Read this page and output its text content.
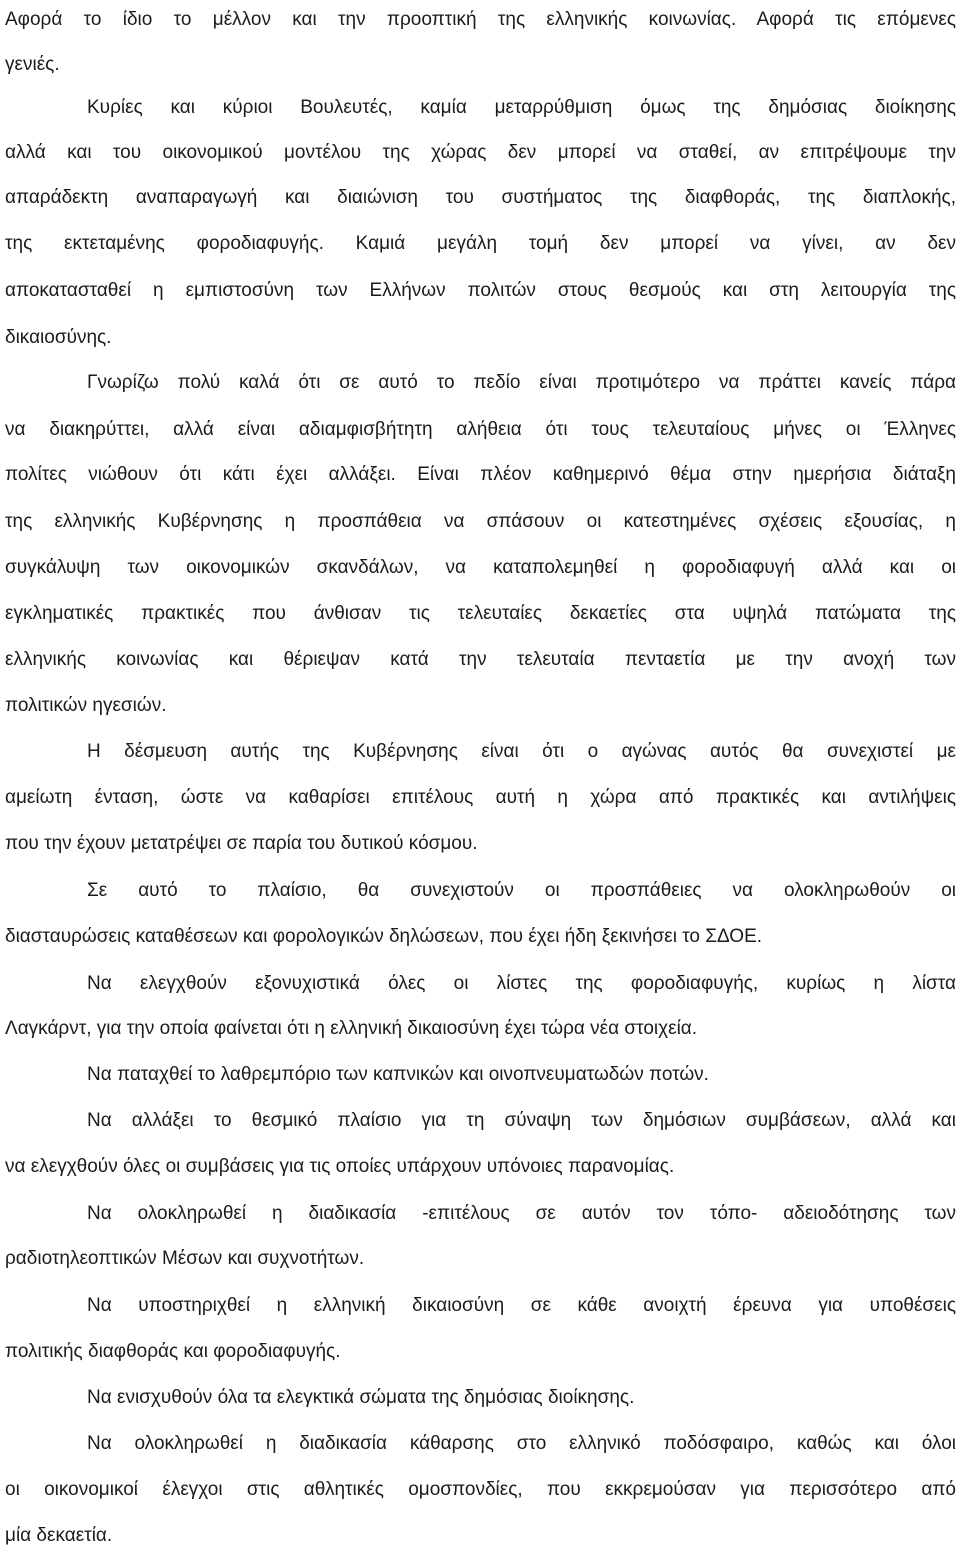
Αφορά το ίδιο το μέλλον και την προοπτική της ελληνικής κοινωνίας. Αφορά τις επόμενες
γενιές.
Κυρίες και κύριοι Βουλευτές, καμία μεταρρύθμιση όμως της δημόσιας διοίκησης
αλλά και του οικονομικού μοντέλου της χώρας δεν μπορεί να σταθεί, αν επιτρέψουμε την
απαράδεκτη αναπαραγωγή και διαιώνιση του συστήματος της διαφθοράς, της διαπλοκής,
της εκτεταμένης φοροδιαφυγής. Καμιά μεγάλη τομή δεν μπορεί να γίνει, αν δεν
αποκατασταθεί η εμπιστοσύνη των Ελλήνων πολιτών στους θεσμούς και στη λειτουργία της
δικαιοσύνης.
Γνωρίζω πολύ καλά ότι σε αυτό το πεδίο είναι προτιμότερο να πράττει κανείς πάρα
να διακηρύττει, αλλά είναι αδιαμφισβήτητη αλήθεια ότι τους τελευταίους μήνες οι Έλληνες
πολίτες νιώθουν ότι κάτι έχει αλλάξει. Είναι πλέον καθημερινό θέμα στην ημερήσια διάταξη
της ελληνικής Κυβέρνησης η προσπάθεια να σπάσουν οι κατεστημένες σχέσεις εξουσίας, η
συγκάλυψη των οικονομικών σκανδάλων, να καταπολεμηθεί η φοροδιαφυγή αλλά και οι
εγκληματικές πρακτικές που άνθισαν τις τελευταίες δεκαετίες στα υψηλά πατώματα της
ελληνικής κοινωνίας και θέριεψαν κατά την τελευταία πενταετία με την ανοχή των
πολιτικών ηγεσιών.
Η δέσμευση αυτής της Κυβέρνησης είναι ότι ο αγώνας αυτός θα συνεχιστεί με
αμείωτη ένταση, ώστε να καθαρίσει επιτέλους αυτή η χώρα από πρακτικές και αντιλήψεις
που την έχουν μετατρέψει σε παρία του δυτικού κόσμου.
Σε αυτό το πλαίσιο, θα συνεχιστούν οι προσπάθειες να ολοκληρωθούν οι
διασταυρώσεις καταθέσεων και φορολογικών δηλώσεων, που έχει ήδη ξεκινήσει το ΣΔΟΕ.
Να ελεγχθούν εξονυχιστικά όλες οι λίστες της φοροδιαφυγής, κυρίως η λίστα
Λαγκάρντ, για την οποία φαίνεται ότι η ελληνική δικαιοσύνη έχει τώρα νέα στοιχεία.
Να παταχθεί το λαθρεμπόριο των καπνικών και οινοπνευματωδών ποτών.
Να αλλάξει το θεσμικό πλαίσιο για τη σύναψη των δημόσιων συμβάσεων, αλλά και
να ελεγχθούν όλες οι συμβάσεις για τις οποίες υπάρχουν υπόνοιες παρανομίας.
Να ολοκληρωθεί η διαδικασία -επιτέλους σε αυτόν τον τόπο- αδειοδότησης των
ραδιοτηλεοπτικών Μέσων και συχνοτήτων.
Να υποστηριχθεί η ελληνική δικαιοσύνη σε κάθε ανοιχτή έρευνα για υποθέσεις
πολιτικής διαφθοράς και φοροδιαφυγής.
Να ενισχυθούν όλα τα ελεγκτικά σώματα της δημόσιας διοίκησης.
Να ολοκληρωθεί η διαδικασία κάθαρσης στο ελληνικό ποδόσφαιρο, καθώς και όλοι
οι οικονομικοί έλεγχοι στις αθλητικές ομοσπονδίες, που εκκρεμούσαν για περισσότερο από
μία δεκαετία.
